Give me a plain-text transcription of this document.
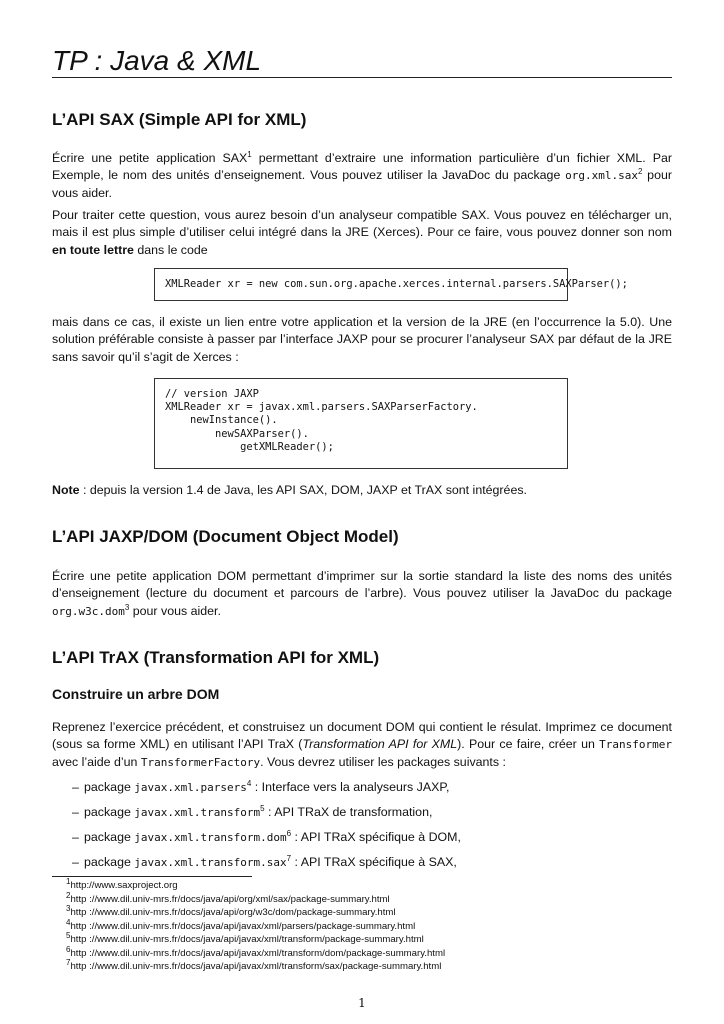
TP : Java & XML
L’API SAX (Simple API for XML)

Écrire une petite application SAX$^1$ permettant d’extraire une information particulière d’un fichier XML. Par Exemple, le nom des unités d’enseignement. Vous pouvez utiliser la JavaDoc du package org.xml.sax$^2$ pour vous aider.

Pour traiter cette question, vous aurez besoin d’un analyseur compatible SAX. Vous pouvez en télécharger un, mais il est plus simple d’utiliser celui intégré dans la JRE (Xerces). Pour ce faire, vous pouvez donner son nom en toute lettre dans le code

XMLReader xr = new com.sun.org.apache.xerces.internal.parsers.SAXParser();

mais dans ce cas, il existe un lien entre votre application et la version de la JRE (en l’occurrence la 5.0). Une solution préférable consiste à passer par l’interface JAXP pour se procurer l’analyseur SAX par défaut de la JRE sans savoir qu’il s’agit de Xerces :

// version JAXP
XMLReader xr = javax.xml.parsers.SAXParserFactory.
newInstance().
newSAXParser().
getXMLReader();

Note : depuis la version 1.4 de Java, les API SAX, DOM, JAXP et TrAX sont intégrées.

L’API JAXP/DOM (Document Object Model)

Écrire une petite application DOM permettant d’imprimer sur la sortie standard la liste des noms des unités d’enseignement (lecture du document et parcours de l’arbre). Vous pouvez utiliser la JavaDoc du package org.w3c.dom$^3$ pour vous aider.

L’API TrAX (Transformation API for XML)
Construire un arbre DOM

Reprenez l’exercice précédent, et construisez un document DOM qui contient le résulat. Imprimez ce document (sous sa forme XML) en utilisant l’API TraX (Transformation API for XML). Pour ce faire, créer un Transformer avec l’aide d’un TransformerFactory. Vous devrez utiliser les packages suivants :

– package javax.xml.parsers$^4$ : Interface vers la analyseurs JAXP,
– package javax.xml.transform$^5$ : API TRaX de transformation,
– package javax.xml.transform.dom$^6$ : API TRaX spécifique à DOM,
– package javax.xml.transform.sax$^7$ : API TRaX spécifique à SAX,
$^1$http://www.saxproject.org
$^2$http ://www.dil.univ-mrs.fr/docs/java/api/org/xml/sax/package-summary.html
$^3$http ://www.dil.univ-mrs.fr/docs/java/api/org/w3c/dom/package-summary.html
$^4$http ://www.dil.univ-mrs.fr/docs/java/api/javax/xml/parsers/package-summary.html
$^5$http ://www.dil.univ-mrs.fr/docs/java/api/javax/xml/transform/package-summary.html
$^6$http ://www.dil.univ-mrs.fr/docs/java/api/javax/xml/transform/dom/package-summary.html
$^7$http ://www.dil.univ-mrs.fr/docs/java/api/javax/xml/transform/sax/package-summary.html
1
